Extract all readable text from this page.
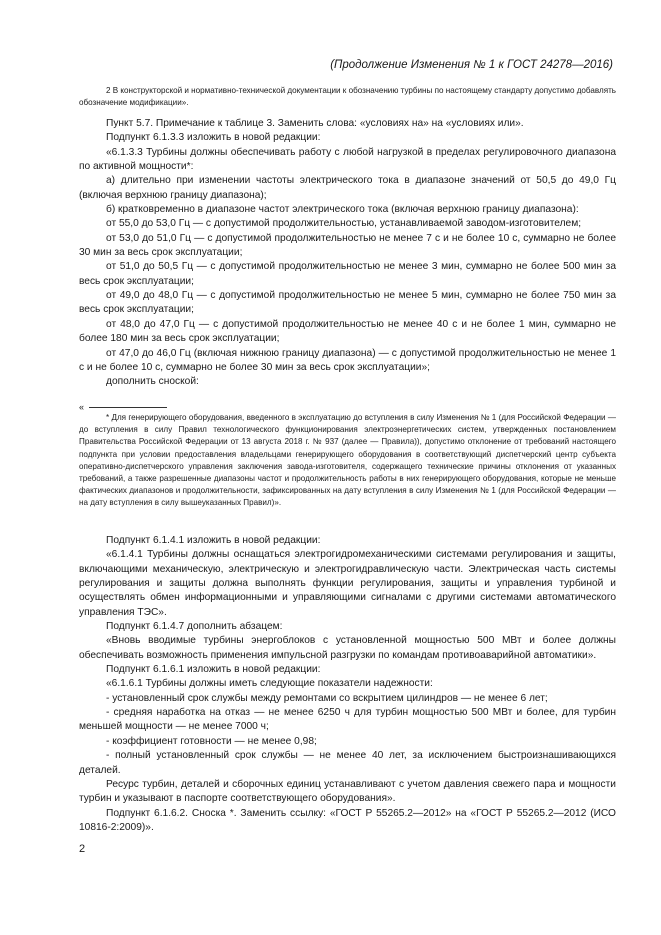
(Продолжение Изменения № 1 к ГОСТ 24278—2016)

2 В конструкторской и нормативно-технической документации к обозначению турбины по настоящему стандарту допустимо добавлять обозначение модификации».

Пункт 5.7. Примечание к таблице 3. Заменить слова: «условиях на» на «условиях или».

Подпункт 6.1.3.3 изложить в новой редакции:

«6.1.3.3 Турбины должны обеспечивать работу с любой нагрузкой в пределах регулировочного диапазона по активной мощности*:

а) длительно при изменении частоты электрического тока в диапазоне значений от 50,5 до 49,0 Гц (включая верхнюю границу диапазона);

б) кратковременно в диапазоне частот электрического тока (включая верхнюю границу диапазона):

от 55,0 до 53,0 Гц — с допустимой продолжительностью, устанавливаемой заводом-изготовителем;

от 53,0 до 51,0 Гц — с допустимой продолжительностью не менее 7 с и не более 10 с, суммарно не более 30 мин за весь срок эксплуатации;

от 51,0 до 50,5 Гц — с допустимой продолжительностью не менее 3 мин, суммарно не более 500 мин за весь срок эксплуатации;

от 49,0 до 48,0 Гц — с допустимой продолжительностью не менее 5 мин, суммарно не более 750 мин за весь срок эксплуатации;

от 48,0 до 47,0 Гц — с допустимой продолжительностью не менее 40 с и не более 1 мин, суммарно не более 180 мин за весь срок эксплуатации;

от 47,0 до 46,0 Гц (включая нижнюю границу диапазона) — с допустимой продолжительностью не менее 1 с и не более 10 с, суммарно не более 30 мин за весь срок эксплуатации»;

дополнить сноской:

«

* Для генерирующего оборудования, введенного в эксплуатацию до вступления в силу Изменения № 1 (для Российской Федерации — до вступления в силу Правил технологического функционирования электроэнергетических систем, утвержденных постановлением Правительства Российской Федерации от 13 августа 2018 г. № 937 (далее — Правила)), допустимо отклонение от требований настоящего подпункта при условии предоставления владельцами генерирующего оборудования в соответствующий диспетчерский центр субъекта оперативно-диспетчерского управления заключения завода-изготовителя, содержащего технические причины отклонения от указанных требований, а также разрешенные диапазоны частот и продолжительность работы в них генерирующего оборудования, которые не меньше фактических диапазонов и продолжительности, зафиксированных на дату вступления в силу Изменения № 1 (для Российской Федерации — на дату вступления в силу вышеуказанных Правил)».

Подпункт 6.1.4.1 изложить в новой редакции:

«6.1.4.1 Турбины должны оснащаться электрогидромеханическими системами регулирования и защиты, включающими механическую, электрическую и электрогидравлическую части. Электрическая часть системы регулирования и защиты должна выполнять функции регулирования, защиты и управления турбиной и осуществлять обмен информационными и управляющими сигналами с другими системами автоматического управления ТЭС».

Подпункт 6.1.4.7 дополнить абзацем:

«Вновь вводимые турбины энергоблоков с установленной мощностью 500 МВт и более должны обеспечивать возможность применения импульсной разгрузки по командам противоаварийной автоматики».

Подпункт 6.1.6.1 изложить в новой редакции:

«6.1.6.1 Турбины должны иметь следующие показатели надежности:

- установленный срок службы между ремонтами со вскрытием цилиндров — не менее 6 лет;

- средняя наработка на отказ — не менее 6250 ч для турбин мощностью 500 МВт и более, для турбин меньшей мощности — не менее 7000 ч;

- коэффициент готовности — не менее 0,98;

- полный установленный срок службы — не менее 40 лет, за исключением быстроизнашивающихся деталей.

Ресурс турбин, деталей и сборочных единиц устанавливают с учетом давления свежего пара и мощности турбин и указывают в паспорте соответствующего оборудования».

Подпункт 6.1.6.2. Сноска *. Заменить ссылку: «ГОСТ Р 55265.2—2012» на «ГОСТ Р 55265.2—2012 (ИСО 10816-2:2009)».

2
